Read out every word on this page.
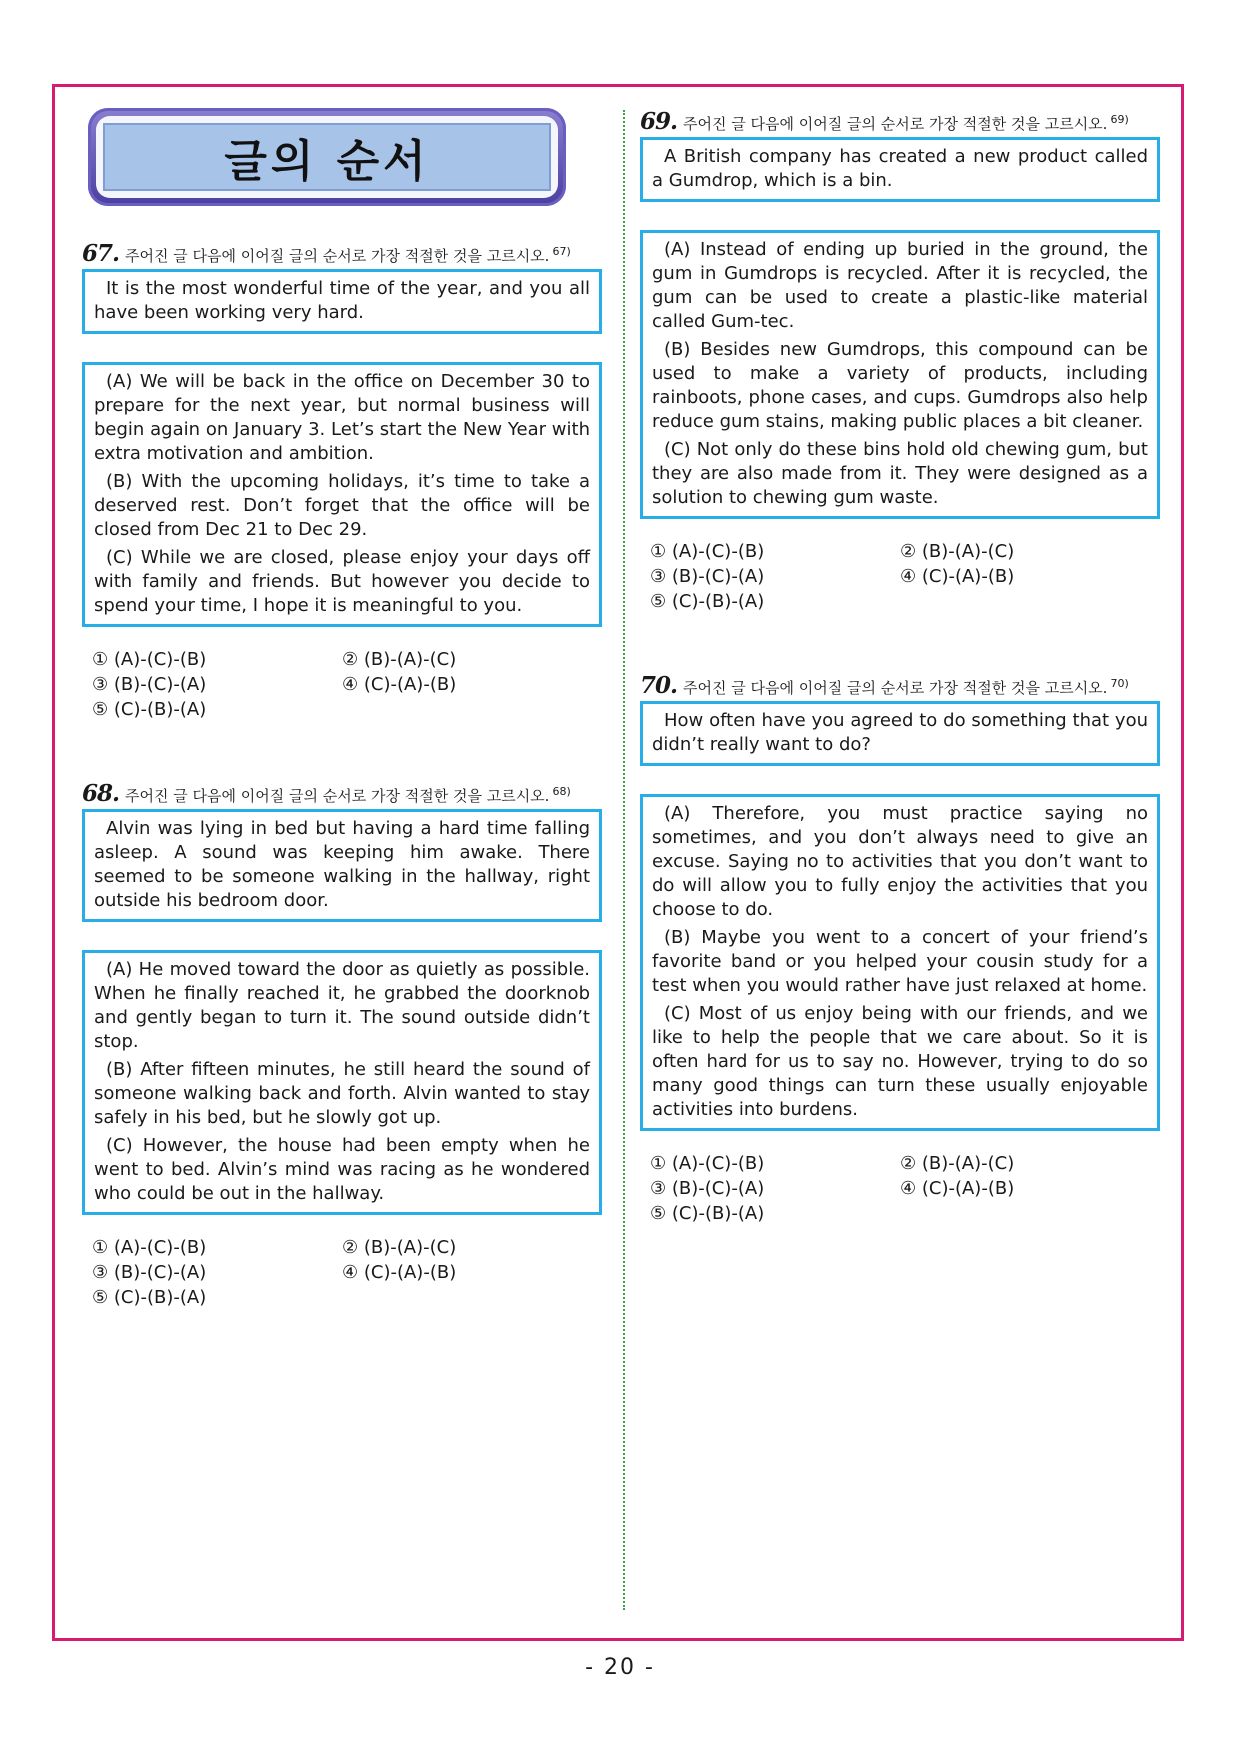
글의 순서
67. 주어진 글 다음에 이어질 글의 순서로 가장 적절한 것을 고르시오. 67)

It is the most wonderful time of the year, and you all have been working very hard.

(A) We will be back in the office on December 30 to prepare for the next year, but normal business will begin again on January 3. Let’s start the New Year with extra motivation and ambition.

(B) With the upcoming holidays, it’s time to take a deserved rest. Don’t forget that the office will be closed from Dec 21 to Dec 29.

(C) While we are closed, please enjoy your days off with family and friends. But however you decide to spend your time, I hope it is meaningful to you.

① (A)-(C)-(B)	② (B)-(A)-(C)
③ (B)-(C)-(A)	④ (C)-(A)-(B)
⑤ (C)-(B)-(A)
68. 주어진 글 다음에 이어질 글의 순서로 가장 적절한 것을 고르시오. 68)

Alvin was lying in bed but having a hard time falling asleep. A sound was keeping him awake. There seemed to be someone walking in the hallway, right outside his bedroom door.

(A) He moved toward the door as quietly as possible. When he finally reached it, he grabbed the doorknob and gently began to turn it. The sound outside didn’t stop.

(B) After fifteen minutes, he still heard the sound of someone walking back and forth. Alvin wanted to stay safely in his bed, but he slowly got up.

(C) However, the house had been empty when he went to bed. Alvin’s mind was racing as he wondered who could be out in the hallway.

① (A)-(C)-(B)	② (B)-(A)-(C)
③ (B)-(C)-(A)	④ (C)-(A)-(B)
⑤ (C)-(B)-(A)
69. 주어진 글 다음에 이어질 글의 순서로 가장 적절한 것을 고르시오. 69)

A British company has created a new product called a Gumdrop, which is a bin.

(A) Instead of ending up buried in the ground, the gum in Gumdrops is recycled. After it is recycled, the gum can be used to create a plastic-like material called Gum-tec.

(B) Besides new Gumdrops, this compound can be used to make a variety of products, including rainboots, phone cases, and cups. Gumdrops also help reduce gum stains, making public places a bit cleaner.

(C) Not only do these bins hold old chewing gum, but they are also made from it. They were designed as a solution to chewing gum waste.

① (A)-(C)-(B)	② (B)-(A)-(C)
③ (B)-(C)-(A)	④ (C)-(A)-(B)
⑤ (C)-(B)-(A)
70. 주어진 글 다음에 이어질 글의 순서로 가장 적절한 것을 고르시오. 70)

How often have you agreed to do something that you didn’t really want to do?

(A) Therefore, you must practice saying no sometimes, and you don’t always need to give an excuse. Saying no to activities that you don’t want to do will allow you to fully enjoy the activities that you choose to do.

(B) Maybe you went to a concert of your friend’s favorite band or you helped your cousin study for a test when you would rather have just relaxed at home.

(C) Most of us enjoy being with our friends, and we like to help the people that we care about. So it is often hard for us to say no. However, trying to do so many good things can turn these usually enjoyable activities into burdens.

① (A)-(C)-(B)	② (B)-(A)-(C)
③ (B)-(C)-(A)	④ (C)-(A)-(B)
⑤ (C)-(B)-(A)
- 20 -
